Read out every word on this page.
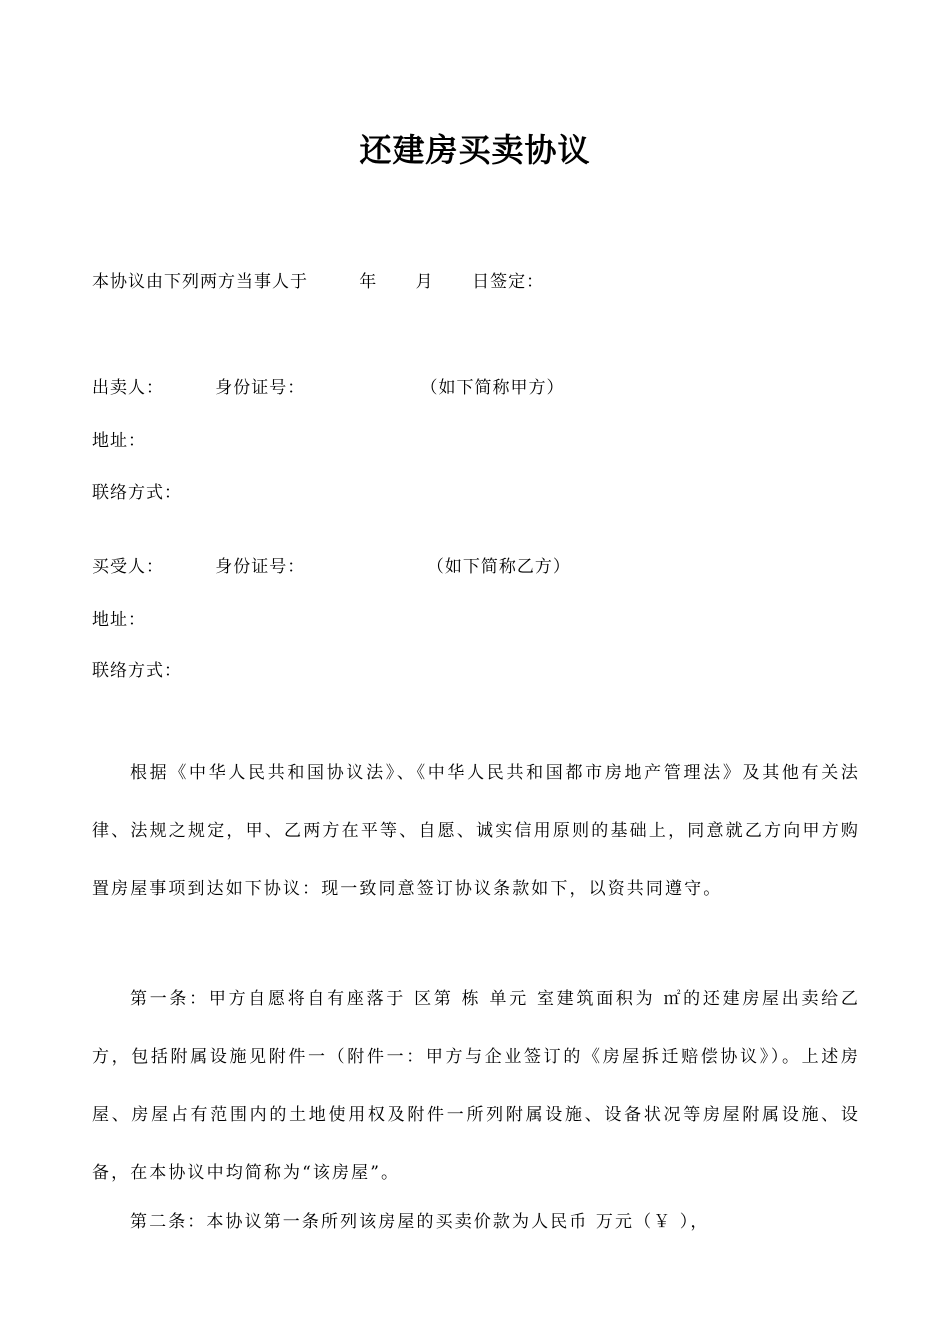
还建房买卖协议
本协议由下列两方当事人于        年      月      日签定：
出卖人：        身份证号：                  （如下简称甲方）
地址：
联络方式：
买受人：        身份证号：                   （如下简称乙方）
地址：
联络方式：
根据《中华人民共和国协议法》、《中华人民共和国都市房地产管理法》及其他有关法律、法规之规定，甲、乙两方在平等、自愿、诚实信用原则的基础上，同意就乙方向甲方购置房屋事项到达如下协议：现一致同意签订协议条款如下，以资共同遵守。
第一条：甲方自愿将自有座落于 区第 栋 单元 室建筑面积为 ㎡的还建房屋出卖给乙方，包括附属设施见附件一（附件一：甲方与企业签订的《房屋拆迁赔偿协议》）。上述房屋、房屋占有范围内的土地使用权及附件一所列附属设施、设备状况等房屋附属设施、设备，在本协议中均简称为“该房屋”。
第二条：本协议第一条所列该房屋的买卖价款为人民币 万元（￥ ），
